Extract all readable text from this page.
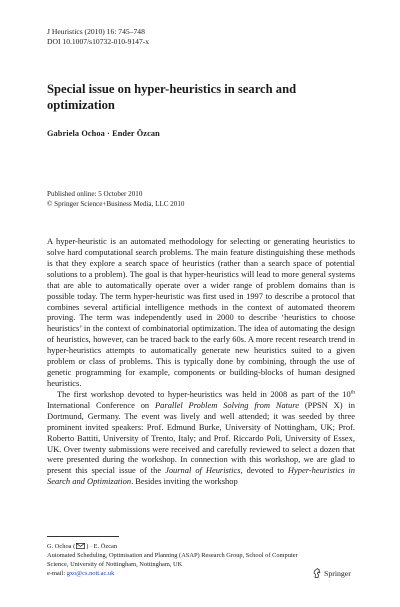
J Heuristics (2010) 16: 745–748
DOI 10.1007/s10732-010-9147-x
Special issue on hyper-heuristics in search and optimization
Gabriela Ochoa · Ender Özcan
Published online: 5 October 2010
© Springer Science+Business Media, LLC 2010

A hyper-heuristic is an automated methodology for selecting or generating heuristics to solve hard computational search problems. The main feature distinguishing these methods is that they explore a search space of heuristics (rather than a search space of potential solutions to a problem). The goal is that hyper-heuristics will lead to more general systems that are able to automatically operate over a wider range of problem domains than is possible today. The term hyper-heuristic was first used in 1997 to describe a protocol that combines several artificial intelligence methods in the context of automated theorem proving. The term was independently used in 2000 to describe ‘heuristics to choose heuristics’ in the context of combinatorial optimization. The idea of automating the design of heuristics, however, can be traced back to the early 60s. A more recent research trend in hyper-heuristics attempts to automatically generate new heuristics suited to a given problem or class of problems. This is typically done by combining, through the use of genetic programming for example, components or building-blocks of human designed heuristics.

The first workshop devoted to hyper-heuristics was held in 2008 as part of the 10th International Conference on Parallel Problem Solving from Nature (PPSN X) in Dortmund, Germany. The event was lively and well attended; it was seeded by three prominent invited speakers: Prof. Edmund Burke, University of Nottingham, UK; Prof. Roberto Battiti, University of Trento, Italy; and Prof. Riccardo Poli, University of Essex, UK. Over twenty submissions were received and carefully reviewed to select a dozen that were presented during the workshop. In connection with this workshop, we are glad to present this special issue of the Journal of Heuristics, devoted to Hyper-heuristics in Search and Optimization. Besides inviting the workshop

G. Ochoa ( ) · E. Özcan
Automated Scheduling, Optimisation and Planning (ASAP) Research Group, School of Computer
Science, University of Nottingham, Nottingham, UK
e-mail: gxo@cs.nott.ac.uk	Springer
